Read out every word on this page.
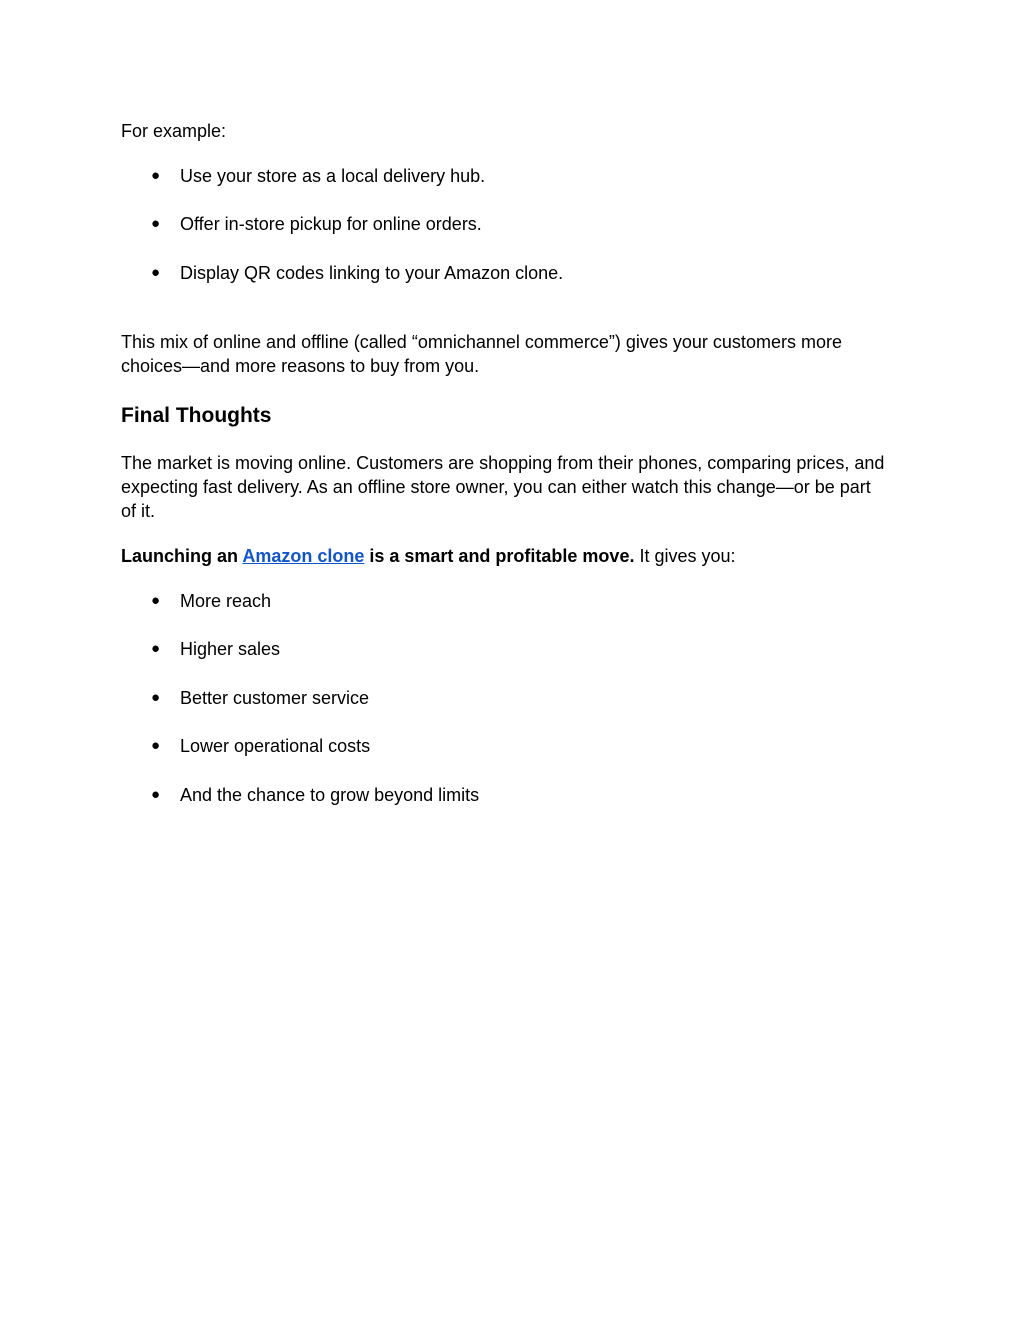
For example:

● Use your store as a local delivery hub.
● Offer in-store pickup for online orders.
● Display QR codes linking to your Amazon clone.

This mix of online and offline (called “omnichannel commerce”) gives your customers more

choices—and more reasons to buy from you.

Final Thoughts

The market is moving online. Customers are shopping from their phones, comparing prices, and

expecting fast delivery. As an offline store owner, you can either watch this change—or be part

of it.

Launching an Amazon clone is a smart and profitable move. It gives you:

● More reach
● Higher sales
● Better customer service
● Lower operational costs
● And the chance to grow beyond limits
